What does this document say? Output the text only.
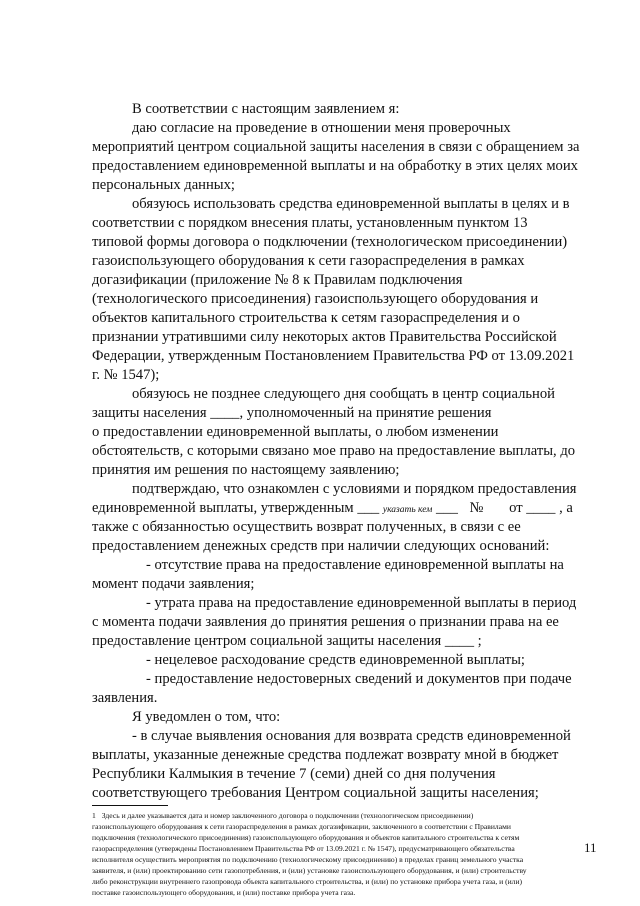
В соответствии с настоящим заявлением я:
даю согласие на проведение в отношении меня проверочных
мероприятий центром социальной защиты населения в связи с обращением за
предоставлением единовременной выплаты и на обработку в этих целях моих
персональных данных;
обязуюсь использовать средства единовременной выплаты в целях и в
соответствии с порядком внесения платы, установленным пунктом 13
типовой формы договора о подключении (технологическом присоединении)
газоиспользующего оборудования к сети газораспределения в рамках
догазификации (приложение № 8 к Правилам подключения
(технологического присоединения) газоиспользующего оборудования и
объектов капитального строительства к сетям газораспределения и о
признании утратившими силу некоторых актов Правительства Российской
Федерации, утвержденным Постановлением Правительства РФ от 13.09.2021
г. № 1547);
обязуюсь не позднее следующего дня сообщать в центр социальной
защиты населения ____, уполномоченный на принятие решения
о предоставлении единовременной выплаты, о любом изменении
обстоятельств, с которыми связано мое право на предоставление выплаты, до
принятия им решения по настоящему заявлению;
подтверждаю, что ознакомлен с условиями и порядком предоставления
единовременной выплаты, утвержденным ___ указать кем ___ № от ____ , а
также с обязанностью осуществить возврат полученных, в связи с ее
предоставлением денежных средств при наличии следующих оснований:
- отсутствие права на предоставление единовременной выплаты на
момент подачи заявления;
- утрата права на предоставление единовременной выплаты в период
с момента подачи заявления до принятия решения о признании права на ее
предоставление центром социальной защиты населения ____ ;
- нецелевое расходование средств единовременной выплаты;
- предоставление недостоверных сведений и документов при подаче
заявления.
Я уведомлен о том, что:
- в случае выявления основания для возврата средств единовременной
выплаты, указанные денежные средства подлежат возврату мной в бюджет
Республики Калмыкия в течение 7 (семи) дней со дня получения
соответствующего требования Центром социальной защиты населения;
1 Здесь и далее указывается дата и номер заключенного договора о подключении (технологическом присоединении)
газоиспользующего оборудования к сети газораспределения в рамках догазификации, заключенного в соответствии с Правилами
подключения (технологического присоединения) газоиспользующего оборудования и объектов капитального строительства к сетям
газораспределения (утверждены Постановлением Правительства РФ от 13.09.2021 г. № 1547), предусматривающего обязательства
исполнителя осуществить мероприятия по подключению (технологическому присоединению) в пределах границ земельного участка
заявителя, и (или) проектированию сети газопотребления, и (или) установке газоиспользующего оборудования, и (или) строительству
либо реконструкции внутреннего газопровода объекта капитального строительства, и (или) по установке прибора учета газа, и (или)
поставке газоиспользующего оборудования, и (или) поставке прибора учета газа.
11
